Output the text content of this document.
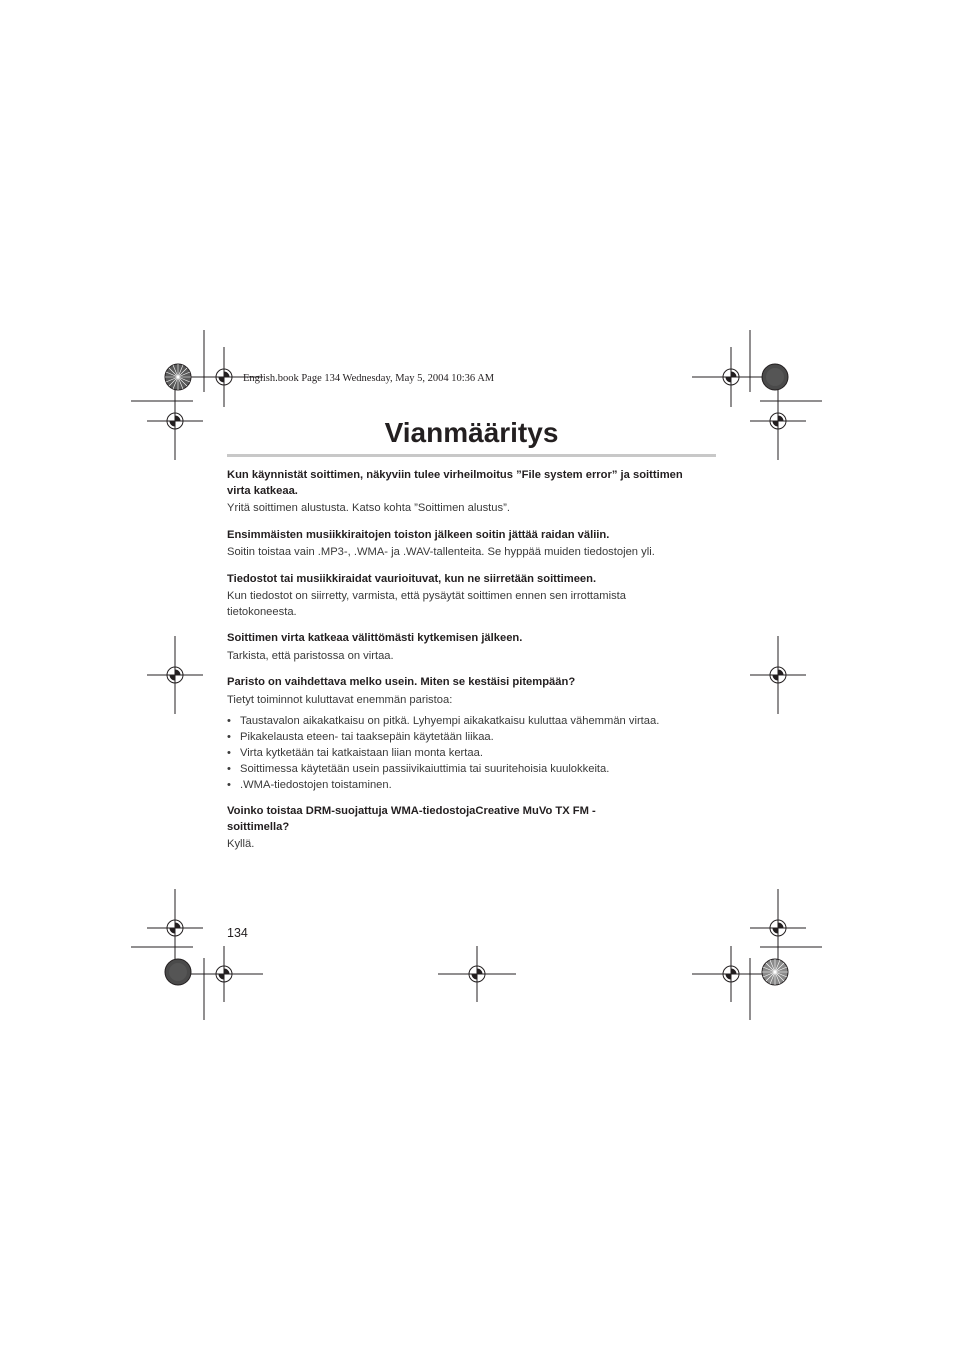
English.book Page 134 Wednesday, May 5, 2004 10:36 AM
Vianmääritys

Kun käynnistät soittimen, näkyviin tulee virheilmoitus ”File system error” ja soittimen virta katkeaa.

Yritä soittimen alustusta. Katso kohta ”Soittimen alustus”.

Ensimmäisten musiikkiraitojen toiston jälkeen soitin jättää raidan väliin.

Soitin toistaa vain .MP3-, .WMA- ja .WAV-tallenteita. Se hyppää muiden tiedostojen yli.

Tiedostot tai musiikkiraidat vaurioituvat, kun ne siirretään soittimeen.

Kun tiedostot on siirretty, varmista, että pysäytät soittimen ennen sen irrottamista tietokoneesta.

Soittimen virta katkeaa välittömästi kytkemisen jälkeen.

Tarkista, että paristossa on virtaa.

Paristo on vaihdettava melko usein. Miten se kestäisi pitempään?

Tietyt toiminnot kuluttavat enemmän paristoa:

• Taustavalon aikakatkaisu on pitkä. Lyhyempi aikakatkaisu kuluttaa vähemmän virtaa.
• Pikakelausta eteen- tai taaksepäin käytetään liikaa.
• Virta kytketään tai katkaistaan liian monta kertaa.
• Soittimessa käytetään usein passiivikaiuttimia tai suuritehoisia kuulokkeita.
• .WMA-tiedostojen toistaminen.

Voinko toistaa DRM-suojattuja WMA-tiedostojaCreative MuVo TX FM -soittimella?

Kyllä.

134
